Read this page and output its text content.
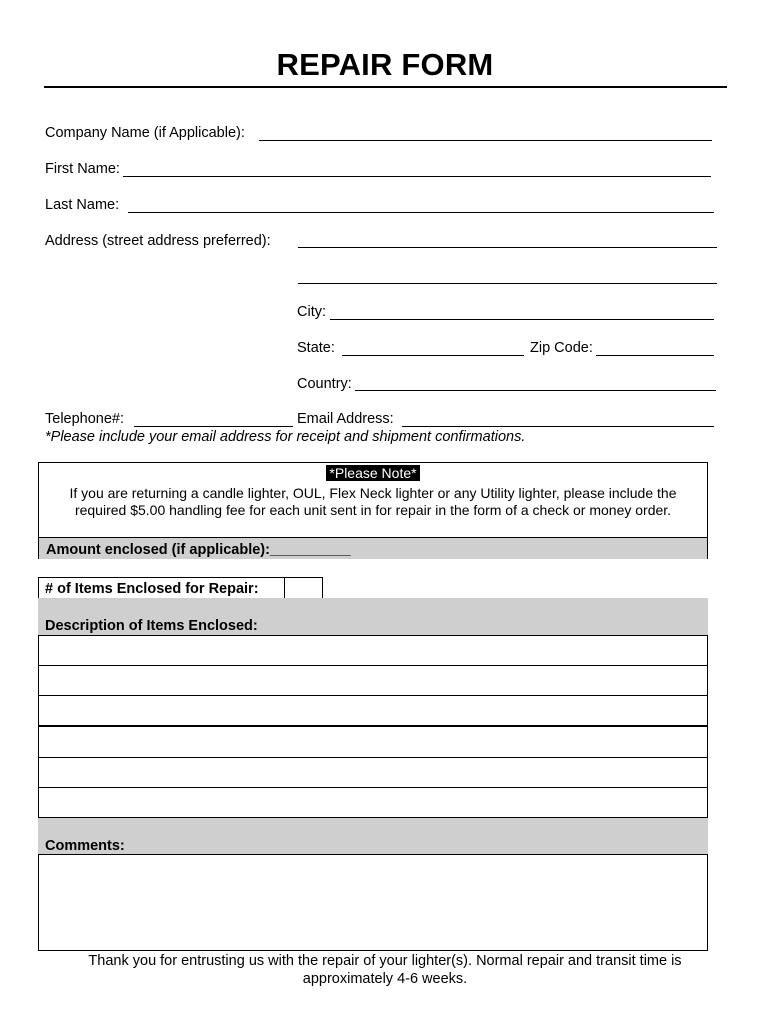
REPAIR FORM
Company Name (if Applicable):
First Name:
Last Name:
Address (street address preferred):
City:
State:	Zip Code:
Country:
Telephone#:	Email Address:
*Please include your email address for receipt and shipment confirmations.
*Please Note*
If you are returning a candle lighter, OUL, Flex Neck lighter or any Utility lighter, please include the
required $5.00 handling fee for each unit sent in for repair in the form of a check or money order.
Amount enclosed (if applicable):__________
# of Items Enclosed for Repair:
Description of Items Enclosed:
Comments:
Thank you for entrusting us with the repair of your lighter(s). Normal repair and transit time is
approximately 4-6 weeks.
